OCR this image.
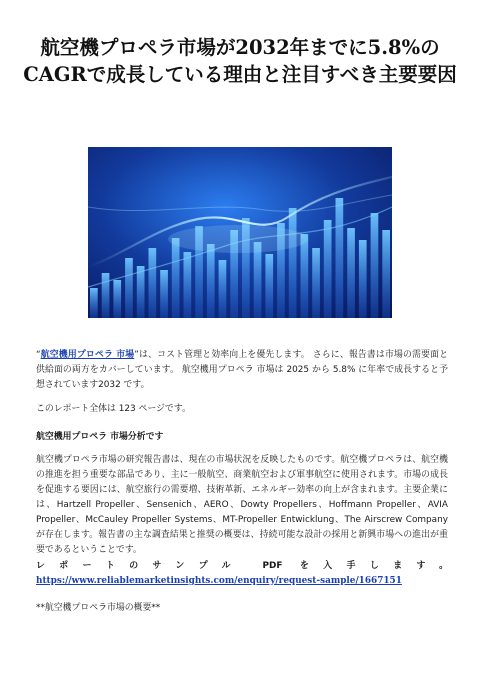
航空機プロペラ市場が2032年までに5.8%のCAGRで成長している理由と注目すべき主要要因

“航空機用プロペラ 市場”は、コスト管理と効率向上を優先します。 さらに、報告書は市場の需要面と供給面の両方をカバーしています。 航空機用プロペラ 市場は 2025 から 5.8% に年率で成長すると予想されています2032 です。

このレポート全体は 123 ページです。

航空機用プロペラ 市場分析です

航空機プロペラ市場の研究報告書は、現在の市場状況を反映したものです。航空機プロペラは、航空機の推進を担う重要な部品であり、主に一般航空、商業航空および軍事航空に使用されます。市場の成長を促進する要因には、航空旅行の需要増、技術革新、エネルギー効率の向上が含まれます。主要企業には、Hartzell Propeller、Sensenich、AERO、Dowty Propellers、Hoffmann Propeller、AVIA Propeller、McCauley Propeller Systems、MT-Propeller Entwicklung、The Airscrew Companyが存在します。報告書の主な調査結果と推奨の概要は、持続可能な設計の採用と新興市場への進出が重要であるということです。

レポートのサンプル PDF を入手します。 https://www.reliablemarketinsights.com/enquiry/request-sample/1667151

**航空機プロペラ市場の概要**
